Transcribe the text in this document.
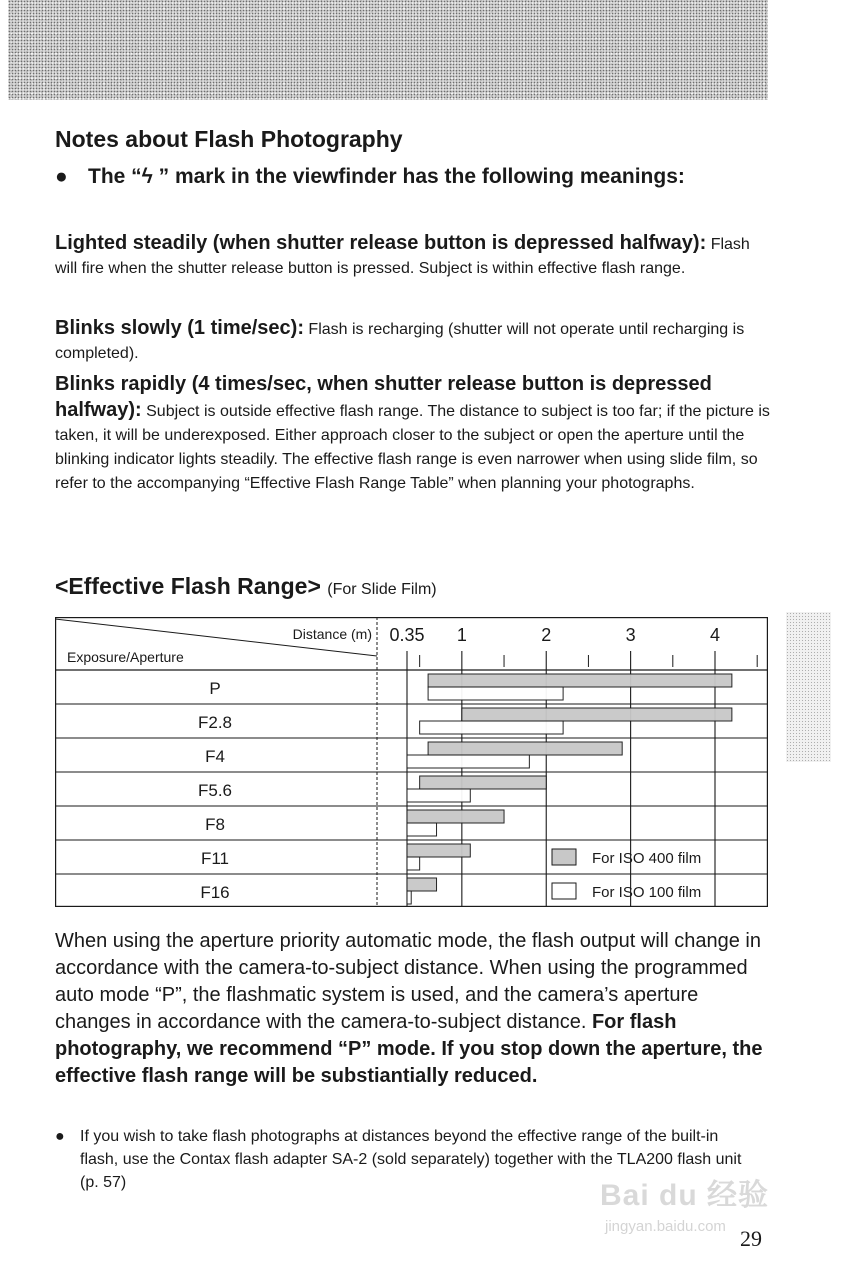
Notes about Flash Photography
● The “ϟ ” mark in the viewfinder has the following meanings:

Lighted steadily (when shutter release button is depressed halfway): Flash will fire when the shutter release button is pressed. Subject is within effective flash range.

Blinks slowly (1 time/sec): Flash is recharging (shutter will not operate until recharging is completed).

Blinks rapidly (4 times/sec, when shutter release button is depressed halfway): Subject is outside effective flash range. The distance to subject is too far; if the picture is taken, it will be underexposed. Either approach closer to the subject or open the aperture until the blinking indicator lights steadily. The effective flash range is even narrower when using slide film, so refer to the accompanying “Effective Flash Range Table” when planning your photographs.

<Effective Flash Range> (For Slide Film)
Distance (m)
Exposure/Aperture
P
F2.8
F4
F5.6
F8
F11
F16
0.35 1	2	3	4
For ISO 400 film
For ISO 100 film

When using the aperture priority automatic mode, the flash output will change in accordance with the camera-to-subject distance. When using the programmed auto mode “P”, the flashmatic system is used, and the camera’s aperture changes in accordance with the camera-to-subject distance. For flash photography, we recommend “P” mode. If you stop down the aperture, the effective flash range will be substiantially reduced.

● If you wish to take flash photographs at distances beyond the effective range of the built-in flash, use the Contax flash adapter SA-2 (sold separately) together with the TLA200 flash unit (p. 57)	Bai du 经验
jingyan.baidu.com 29
